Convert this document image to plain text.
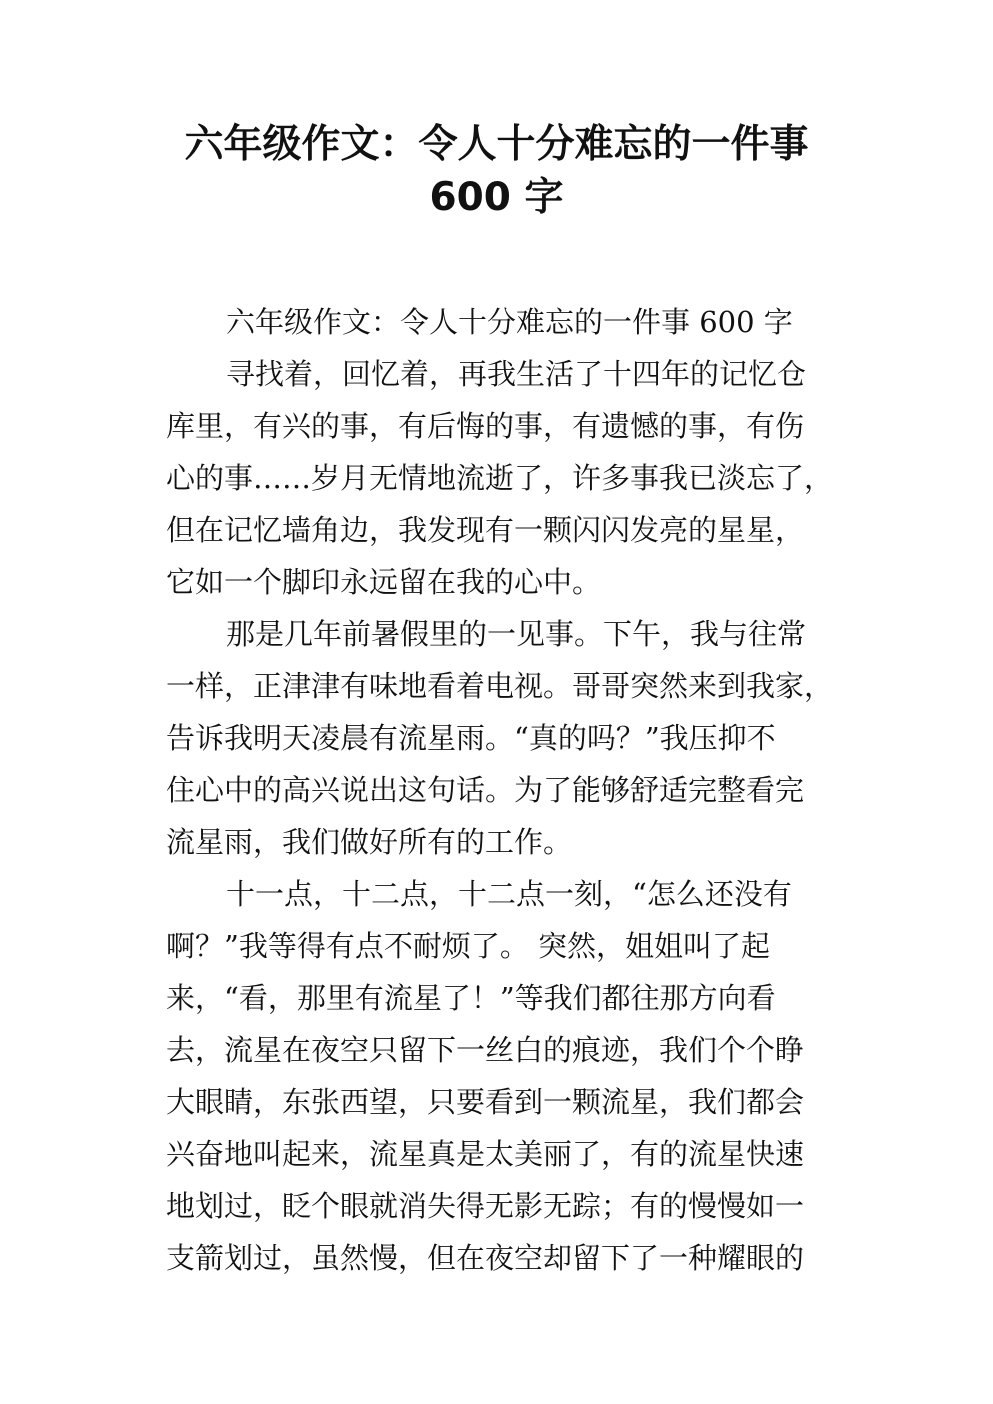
六年级作文：令人十分难忘的一件事
600 字
六年级作文：令人十分难忘的一件事 600 字
寻找着，回忆着，再我生活了十四年的记忆仓
库里，有兴的事，有后悔的事，有遗憾的事，有伤
心的事……岁月无情地流逝了，许多事我已淡忘了，
但在记忆墙角边，我发现有一颗闪闪发亮的星星，
它如一个脚印永远留在我的心中。
那是几年前暑假里的一见事。下午，我与往常
一样，正津津有味地看着电视。哥哥突然来到我家，
告诉我明天凌晨有流星雨。“真的吗？”我压抑不
住心中的高兴说出这句话。为了能够舒适完整看完
流星雨，我们做好所有的工作。
十一点，十二点，十二点一刻，“怎么还没有
啊？”我等得有点不耐烦了。 突然，姐姐叫了起
来，“看，那里有流星了！”等我们都往那方向看
去，流星在夜空只留下一丝白的痕迹，我们个个睁
大眼睛，东张西望，只要看到一颗流星，我们都会
兴奋地叫起来，流星真是太美丽了，有的流星快速
地划过，眨个眼就消失得无影无踪；有的慢慢如一
支箭划过，虽然慢，但在夜空却留下了一种耀眼的
